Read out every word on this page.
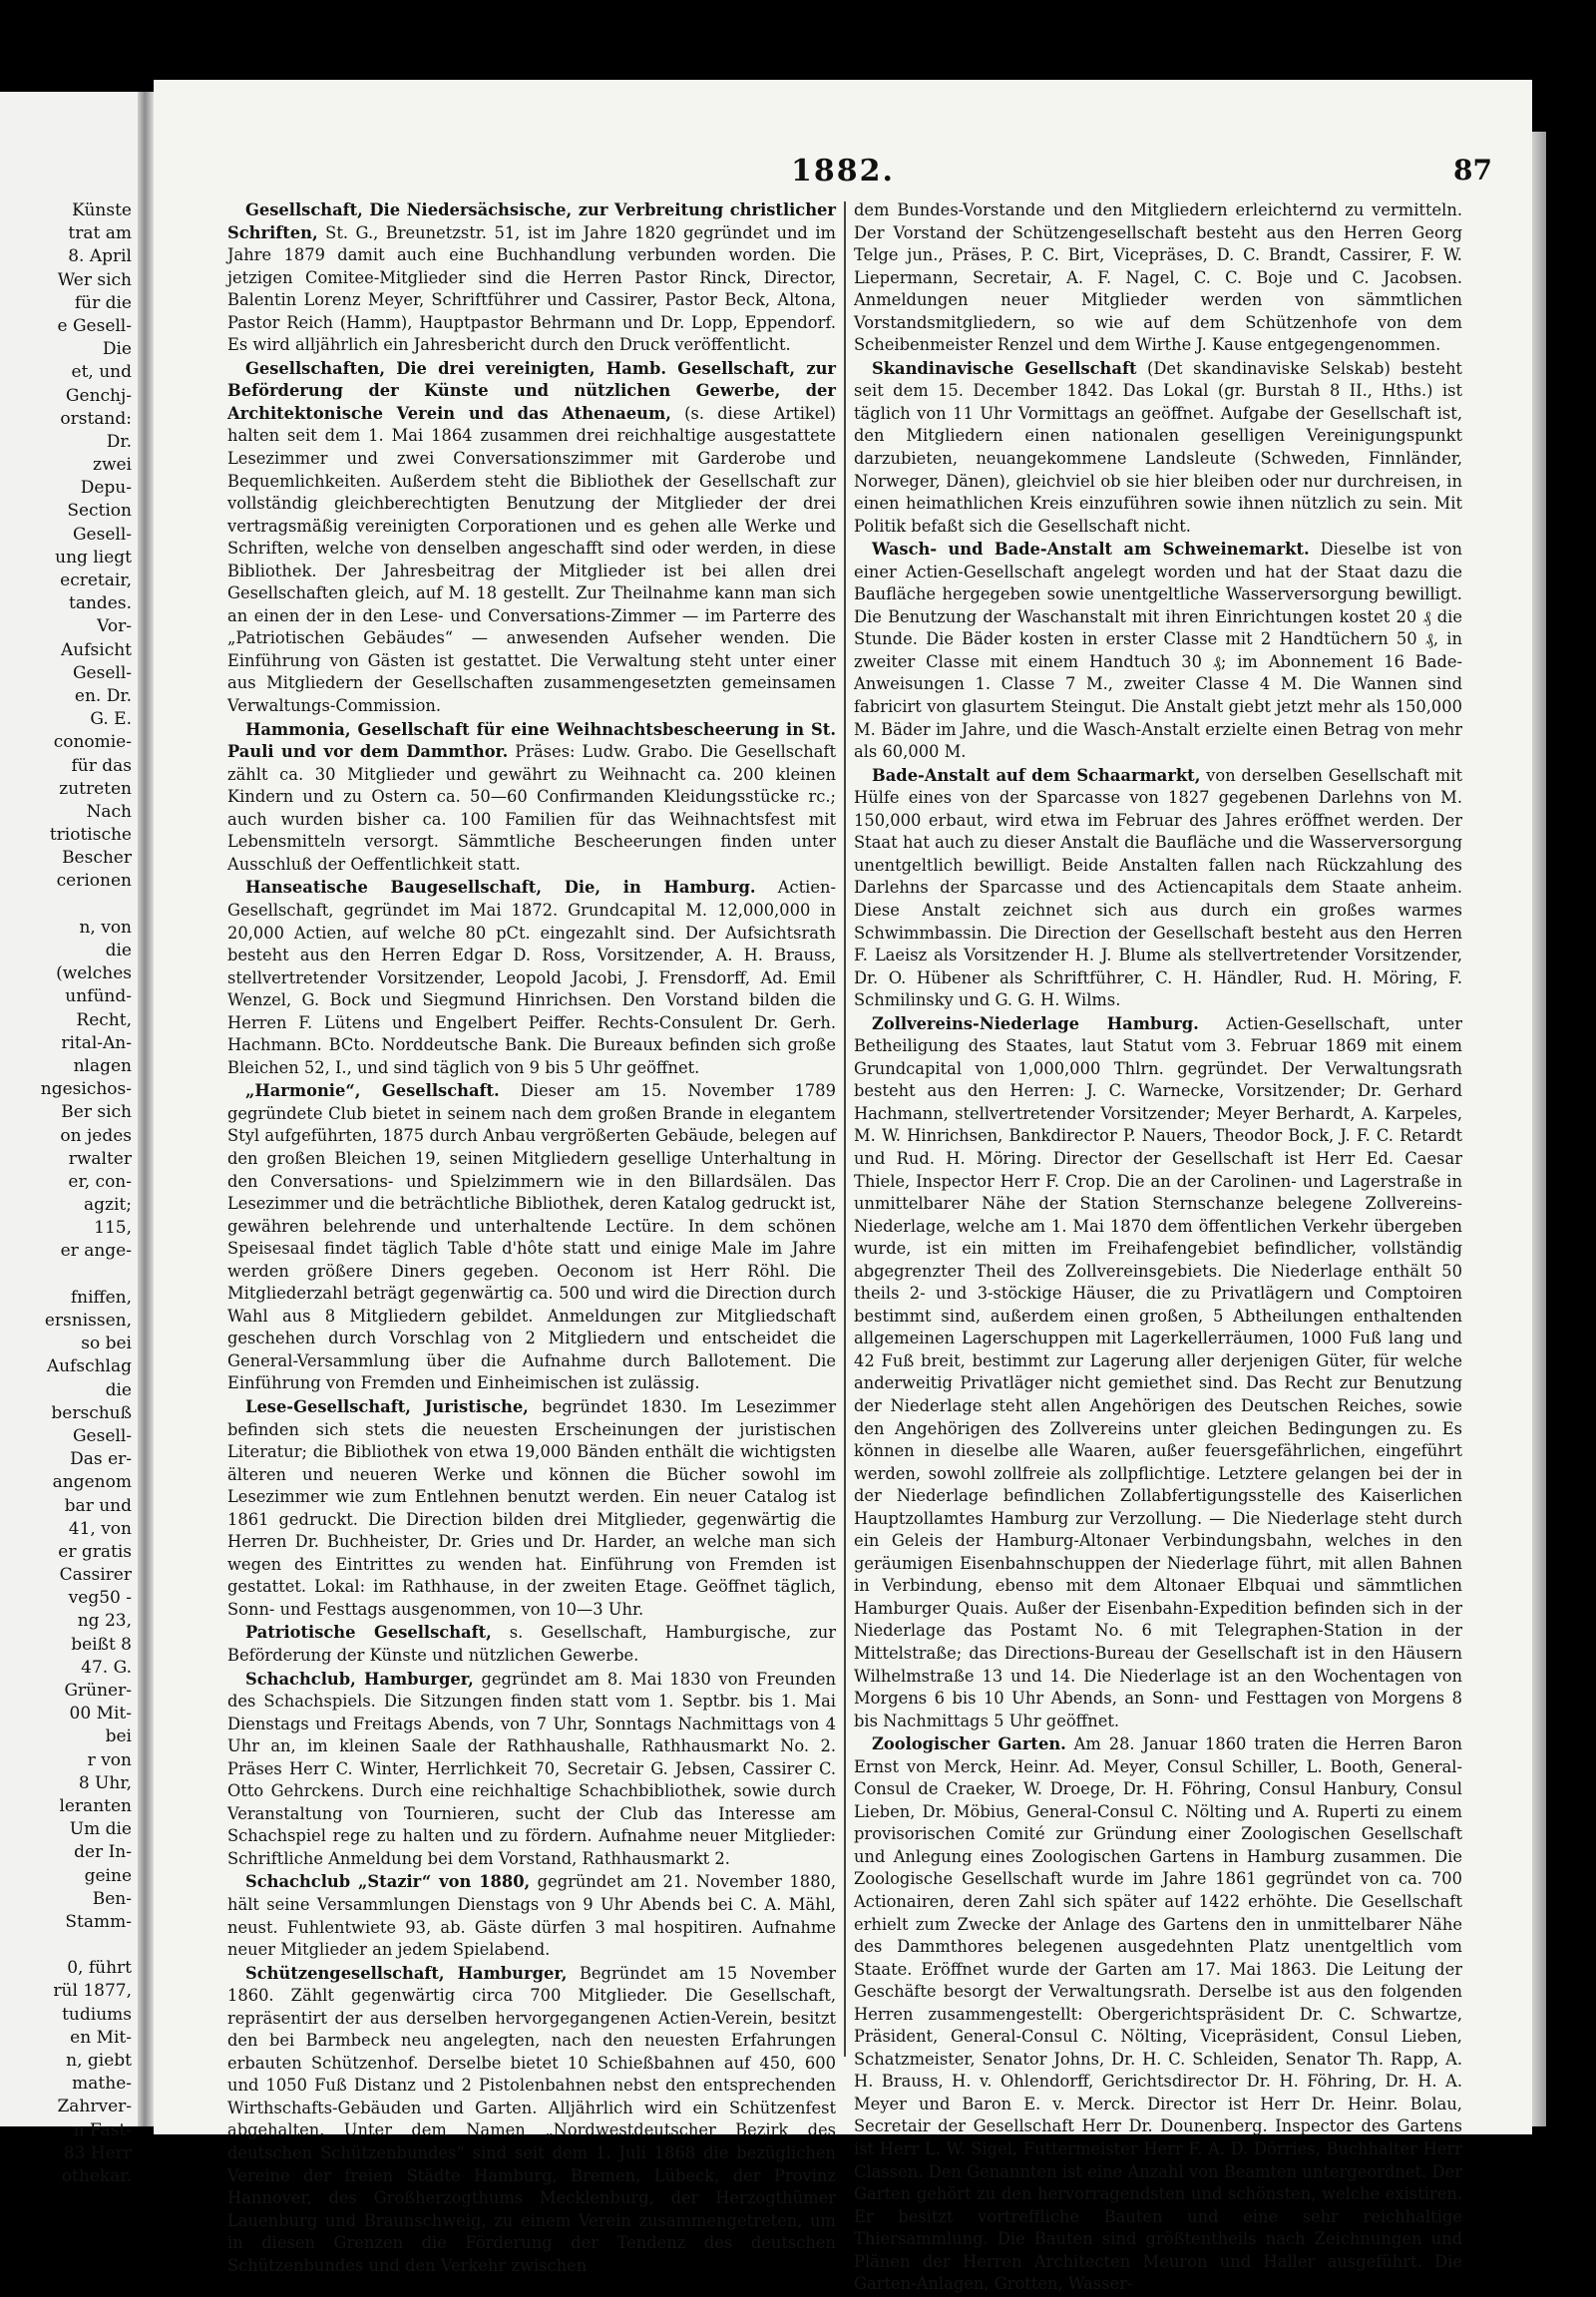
Künste
trat am
8. April
Wer sich
für die
e Gesell-
Die
et, und
Genchj-
orstand:
Dr.
zwei
Depu-
Section
Gesell-
ung liegt
ecretair,
tandes.
Vor-
Aufsicht
Gesell-
en. Dr.
G. E.
conomie-
für das
zutreten
Nach
triotische
Bescher
cerionen
n, von
die
(welches
unfünd-
Recht,
rital-An-
nlagen
ngesichos-
Ber sich
on jedes
rwalter
er, con-
agzit;
115,
er ange-
fniffen,
ersnissen,
so bei
Aufschlag
die
berschuß
Gesell-
Das er-
angenom
bar und
41, von
er gratis
Cassirer
veg50 -
ng 23,
beißt 8
47. G.
Grüner-
00 Mit-
bei
r von
8 Uhr,
leranten
Um die
der In-
geine
Ben-
Stamm-
0, führt
rül 1877,
tudiums
en Mit-
n, giebt
mathe-
Zahrver-
n Fast-
83 Herr
othekar.
1882.	87

Gesellschaft, Die Niedersächsische, zur Verbreitung christlicher Schriften, St. G., Breunetzstr. 51, ist im Jahre 1820 gegründet und im Jahre 1879 damit auch eine Buchhandlung verbunden worden. Die jetzigen Comitee-Mitglieder sind die Herren Pastor Rinck, Director, Balentin Lorenz Meyer, Schriftführer und Cassirer, Pastor Beck, Altona, Pastor Reich (Hamm), Hauptpastor Behrmann und Dr. Lopp, Eppendorf. Es wird alljährlich ein Jahresbericht durch den Druck veröffentlicht.

Gesellschaften, Die drei vereinigten, Hamb. Gesellschaft, zur Beförderung der Künste und nützlichen Gewerbe, der Architektonische Verein und das Athenaeum, (s. diese Artikel) halten seit dem 1. Mai 1864 zusammen drei reichhaltige ausgestattete Lesezimmer und zwei Conversationszimmer mit Garderobe und Bequemlichkeiten. Außerdem steht die Bibliothek der Gesellschaft zur vollständig gleichberechtigten Benutzung der Mitglieder der drei vertragsmäßig vereinigten Corporationen und es gehen alle Werke und Schriften, welche von denselben angeschafft sind oder werden, in diese Bibliothek. Der Jahresbeitrag der Mitglieder ist bei allen drei Gesellschaften gleich, auf M. 18 gestellt. Zur Theilnahme kann man sich an einen der in den Lese- und Conversations-Zimmer — im Parterre des „Patriotischen Gebäudes“ — anwesenden Aufseher wenden. Die Einführung von Gästen ist gestattet. Die Verwaltung steht unter einer aus Mitgliedern der Gesellschaften zusammengesetzten gemeinsamen Verwaltungs-Commission.

Hammonia, Gesellschaft für eine Weihnachtsbescheerung in St. Pauli und vor dem Dammthor. Präses: Ludw. Grabo. Die Gesellschaft zählt ca. 30 Mitglieder und gewährt zu Weihnacht ca. 200 kleinen Kindern und zu Ostern ca. 50—60 Confirmanden Kleidungsstücke rc.; auch wurden bisher ca. 100 Familien für das Weihnachtsfest mit Lebensmitteln versorgt. Sämmtliche Bescheerungen finden unter Ausschluß der Oeffentlichkeit statt.

Hanseatische Baugesellschaft, Die, in Hamburg. Actien-Gesellschaft, gegründet im Mai 1872. Grundcapital M. 12,000,000 in 20,000 Actien, auf welche 80 pCt. eingezahlt sind. Der Aufsichtsrath besteht aus den Herren Edgar D. Ross, Vorsitzender, A. H. Brauss, stellvertretender Vorsitzender, Leopold Jacobi, J. Frensdorff, Ad. Emil Wenzel, G. Bock und Siegmund Hinrichsen. Den Vorstand bilden die Herren F. Lütens und Engelbert Peiffer. Rechts-Consulent Dr. Gerh. Hachmann. BCto. Norddeutsche Bank. Die Bureaux befinden sich große Bleichen 52, I., und sind täglich von 9 bis 5 Uhr geöffnet.

„Harmonie“, Gesellschaft. Dieser am 15. November 1789 gegründete Club bietet in seinem nach dem großen Brande in elegantem Styl aufgeführten, 1875 durch Anbau vergrößerten Gebäude, belegen auf den großen Bleichen 19, seinen Mitgliedern gesellige Unterhaltung in den Conversations- und Spielzimmern wie in den Billardsälen. Das Lesezimmer und die beträchtliche Bibliothek, deren Katalog gedruckt ist, gewähren belehrende und unterhaltende Lectüre. In dem schönen Speisesaal findet täglich Table d'hôte statt und einige Male im Jahre werden größere Diners gegeben. Oeconom ist Herr Röhl. Die Mitgliederzahl beträgt gegenwärtig ca. 500 und wird die Direction durch Wahl aus 8 Mitgliedern gebildet. Anmeldungen zur Mitgliedschaft geschehen durch Vorschlag von 2 Mitgliedern und entscheidet die General-Versammlung über die Aufnahme durch Ballotement. Die Einführung von Fremden und Einheimischen ist zulässig.

Lese-Gesellschaft, Juristische, begründet 1830. Im Lesezimmer befinden sich stets die neuesten Erscheinungen der juristischen Literatur; die Bibliothek von etwa 19,000 Bänden enthält die wichtigsten älteren und neueren Werke und können die Bücher sowohl im Lesezimmer wie zum Entlehnen benutzt werden. Ein neuer Catalog ist 1861 gedruckt. Die Direction bilden drei Mitglieder, gegenwärtig die Herren Dr. Buchheister, Dr. Gries und Dr. Harder, an welche man sich wegen des Eintrittes zu wenden hat. Einführung von Fremden ist gestattet. Lokal: im Rathhause, in der zweiten Etage. Geöffnet täglich, Sonn- und Festtags ausgenommen, von 10—3 Uhr.

Patriotische Gesellschaft, s. Gesellschaft, Hamburgische, zur Beförderung der Künste und nützlichen Gewerbe.

Schachclub, Hamburger, gegründet am 8. Mai 1830 von Freunden des Schachspiels. Die Sitzungen finden statt vom 1. Septbr. bis 1. Mai Dienstags und Freitags Abends, von 7 Uhr, Sonntags Nachmittags von 4 Uhr an, im kleinen Saale der Rathhaushalle, Rathhausmarkt No. 2. Präses Herr C. Winter, Herrlichkeit 70, Secretair G. Jebsen, Cassirer C. Otto Gehrckens. Durch eine reichhaltige Schachbibliothek, sowie durch Veranstaltung von Tournieren, sucht der Club das Interesse am Schachspiel rege zu halten und zu fördern. Aufnahme neuer Mitglieder: Schriftliche Anmeldung bei dem Vorstand, Rathhausmarkt 2.

Schachclub „Stazir“ von 1880, gegründet am 21. November 1880, hält seine Versammlungen Dienstags von 9 Uhr Abends bei C. A. Mähl, neust. Fuhlentwiete 93, ab. Gäste dürfen 3 mal hospitiren. Aufnahme neuer Mitglieder an jedem Spielabend.

Schützengesellschaft, Hamburger, Begründet am 15 November 1860. Zählt gegenwärtig circa 700 Mitglieder. Die Gesellschaft, repräsentirt der aus derselben hervorgegangenen Actien-Verein, besitzt den bei Barmbeck neu angelegten, nach den neuesten Erfahrungen erbauten Schützenhof. Derselbe bietet 10 Schießbahnen auf 450, 600 und 1050 Fuß Distanz und 2 Pistolenbahnen nebst den entsprechenden Wirthschafts-Gebäuden und Garten. Alljährlich wird ein Schützenfest abgehalten. Unter dem Namen „Nordwestdeutscher Bezirk des deutschen Schützenbundes“ sind seit dem 1. Juli 1868 die bezüglichen Vereine der freien Städte Hamburg, Bremen, Lübeck, der Provinz Hannover, des Großherzogthums Mecklenburg, der Herzogthümer Lauenburg und Braunschweig, zu einem Verein zusammengetreten, um in diesen Grenzen die Förderung der Tendenz des deutschen Schützenbundes und den Verkehr zwischen

dem Bundes-Vorstande und den Mitgliedern erleichternd zu vermitteln. Der Vorstand der Schützengesellschaft besteht aus den Herren Georg Telge jun., Präses, P. C. Birt, Vicepräses, D. C. Brandt, Cassirer, F. W. Liepermann, Secretair, A. F. Nagel, C. C. Boje und C. Jacobsen. Anmeldungen neuer Mitglieder werden von sämmtlichen Vorstandsmitgliedern, so wie auf dem Schützenhofe von dem Scheibenmeister Renzel und dem Wirthe J. Kause entgegengenommen.

Skandinavische Gesellschaft (Det skandinaviske Selskab) besteht seit dem 15. December 1842. Das Lokal (gr. Burstah 8 II., Hths.) ist täglich von 11 Uhr Vormittags an geöffnet. Aufgabe der Gesellschaft ist, den Mitgliedern einen nationalen geselligen Vereinigungspunkt darzubieten, neuangekommene Landsleute (Schweden, Finnländer, Norweger, Dänen), gleichviel ob sie hier bleiben oder nur durchreisen, in einen heimathlichen Kreis einzuführen sowie ihnen nützlich zu sein. Mit Politik befaßt sich die Gesellschaft nicht.

Wasch- und Bade-Anstalt am Schweinemarkt. Dieselbe ist von einer Actien-Gesellschaft angelegt worden und hat der Staat dazu die Baufläche hergegeben sowie unentgeltliche Wasserversorgung bewilligt. Die Benutzung der Waschanstalt mit ihren Einrichtungen kostet 20 ₰ die Stunde. Die Bäder kosten in erster Classe mit 2 Handtüchern 50 ₰, in zweiter Classe mit einem Handtuch 30 ₰; im Abonnement 16 Bade-Anweisungen 1. Classe 7 M., zweiter Classe 4 M. Die Wannen sind fabricirt von glasurtem Steingut. Die Anstalt giebt jetzt mehr als 150,000 M. Bäder im Jahre, und die Wasch-Anstalt erzielte einen Betrag von mehr als 60,000 M.

Bade-Anstalt auf dem Schaarmarkt, von derselben Gesellschaft mit Hülfe eines von der Sparcasse von 1827 gegebenen Darlehns von M. 150,000 erbaut, wird etwa im Februar des Jahres eröffnet werden. Der Staat hat auch zu dieser Anstalt die Baufläche und die Wasserversorgung unentgeltlich bewilligt. Beide Anstalten fallen nach Rückzahlung des Darlehns der Sparcasse und des Actiencapitals dem Staate anheim. Diese Anstalt zeichnet sich aus durch ein großes warmes Schwimmbassin. Die Direction der Gesellschaft besteht aus den Herren F. Laeisz als Vorsitzender H. J. Blume als stellvertretender Vorsitzender, Dr. O. Hübener als Schriftführer, C. H. Händler, Rud. H. Möring, F. Schmilinsky und G. G. H. Wilms.

Zollvereins-Niederlage Hamburg. Actien-Gesellschaft, unter Betheiligung des Staates, laut Statut vom 3. Februar 1869 mit einem Grundcapital von 1,000,000 Thlrn. gegründet. Der Verwaltungsrath besteht aus den Herren: J. C. Warnecke, Vorsitzender; Dr. Gerhard Hachmann, stellvertretender Vorsitzender; Meyer Berhardt, A. Karpeles, M. W. Hinrichsen, Bankdirector P. Nauers, Theodor Bock, J. F. C. Retardt und Rud. H. Möring. Director der Gesellschaft ist Herr Ed. Caesar Thiele, Inspector Herr F. Crop. Die an der Carolinen- und Lagerstraße in unmittelbarer Nähe der Station Sternschanze belegene Zollvereins-Niederlage, welche am 1. Mai 1870 dem öffentlichen Verkehr übergeben wurde, ist ein mitten im Freihafengebiet befindlicher, vollständig abgegrenzter Theil des Zollvereinsgebiets. Die Niederlage enthält 50 theils 2- und 3-stöckige Häuser, die zu Privatlägern und Comptoiren bestimmt sind, außerdem einen großen, 5 Abtheilungen enthaltenden allgemeinen Lagerschuppen mit Lagerkellerräumen, 1000 Fuß lang und 42 Fuß breit, bestimmt zur Lagerung aller derjenigen Güter, für welche anderweitig Privatläger nicht gemiethet sind. Das Recht zur Benutzung der Niederlage steht allen Angehörigen des Deutschen Reiches, sowie den Angehörigen des Zollvereins unter gleichen Bedingungen zu. Es können in dieselbe alle Waaren, außer feuersgefährlichen, eingeführt werden, sowohl zollfreie als zollpflichtige. Letztere gelangen bei der in der Niederlage befindlichen Zollabfertigungsstelle des Kaiserlichen Hauptzollamtes Hamburg zur Verzollung. — Die Niederlage steht durch ein Geleis der Hamburg-Altonaer Verbindungsbahn, welches in den geräumigen Eisenbahnschuppen der Niederlage führt, mit allen Bahnen in Verbindung, ebenso mit dem Altonaer Elbquai und sämmtlichen Hamburger Quais. Außer der Eisenbahn-Expedition befinden sich in der Niederlage das Postamt No. 6 mit Telegraphen-Station in der Mittelstraße; das Directions-Bureau der Gesellschaft ist in den Häusern Wilhelmstraße 13 und 14. Die Niederlage ist an den Wochentagen von Morgens 6 bis 10 Uhr Abends, an Sonn- und Festtagen von Morgens 8 bis Nachmittags 5 Uhr geöffnet.

Zoologischer Garten. Am 28. Januar 1860 traten die Herren Baron Ernst von Merck, Heinr. Ad. Meyer, Consul Schiller, L. Booth, General-Consul de Craeker, W. Droege, Dr. H. Föhring, Consul Hanbury, Consul Lieben, Dr. Möbius, General-Consul C. Nölting und A. Ruperti zu einem provisorischen Comité zur Gründung einer Zoologischen Gesellschaft und Anlegung eines Zoologischen Gartens in Hamburg zusammen. Die Zoologische Gesellschaft wurde im Jahre 1861 gegründet von ca. 700 Actionairen, deren Zahl sich später auf 1422 erhöhte. Die Gesellschaft erhielt zum Zwecke der Anlage des Gartens den in unmittelbarer Nähe des Dammthores belegenen ausgedehnten Platz unentgeltlich vom Staate. Eröffnet wurde der Garten am 17. Mai 1863. Die Leitung der Geschäfte besorgt der Verwaltungsrath. Derselbe ist aus den folgenden Herren zusammengestellt: Obergerichtspräsident Dr. C. Schwartze, Präsident, General-Consul C. Nölting, Vicepräsident, Consul Lieben, Schatzmeister, Senator Johns, Dr. H. C. Schleiden, Senator Th. Rapp, A. H. Brauss, H. v. Ohlendorff, Gerichtsdirector Dr. H. Föhring, Dr. H. A. Meyer und Baron E. v. Merck. Director ist Herr Dr. Heinr. Bolau, Secretair der Gesellschaft Herr Dr. Dounenberg. Inspector des Gartens ist Herr L. W. Sigel, Futtermeister Herr F. A. D. Dörries, Buchhalter Herr Classen. Den Genannten ist eine Anzahl von Beamten untergeordnet. Der Garten gehört zu den hervorragendsten und schönsten, welche existiren. Er besitzt vortreffliche Bauten und eine sehr reichhaltige Thiersammlung. Die Bauten sind größtentheils nach Zeichnungen und Plänen der Herren Architecten Meuron und Haller ausgeführt. Die Garten-Anlagen, Grotten, Wasser-
